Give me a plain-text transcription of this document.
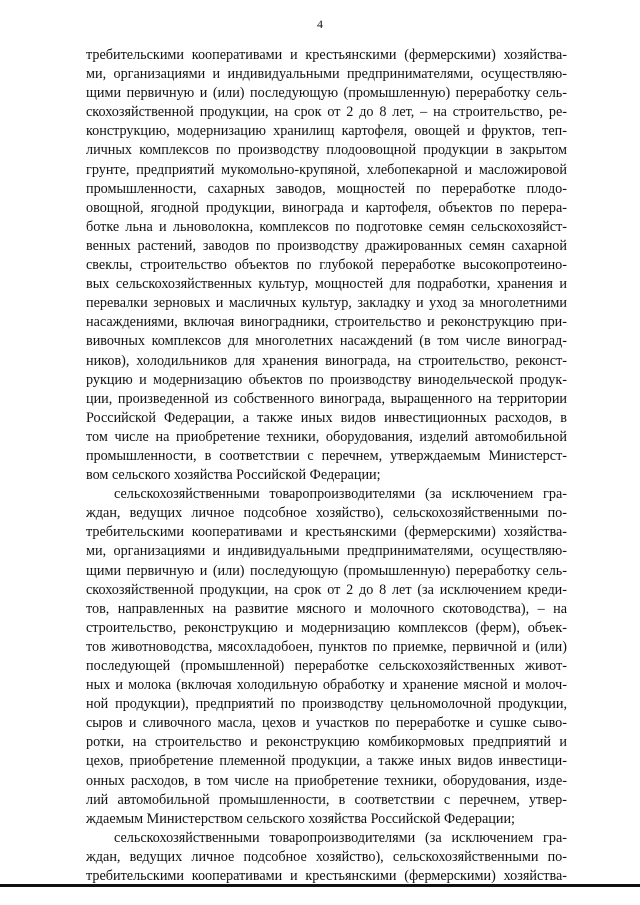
4
требительскими кооперативами и крестьянскими (фермерскими) хозяйства-
ми, организациями и индивидуальными предпринимателями, осуществляю-
щими первичную и (или) последующую (промышленную) переработку сель-
скохозяйственной продукции, на срок от 2 до 8 лет, – на строительство, ре-
конструкцию, модернизацию хранилищ картофеля, овощей и фруктов, теп-
личных комплексов по производству плодоовощной продукции в закрытом
грунте, предприятий мукомольно-крупяной, хлебопекарной и масложировой
промышленности, сахарных заводов, мощностей по переработке плодо-
овощной, ягодной продукции, винограда и картофеля, объектов по перера-
ботке льна и льноволокна, комплексов по подготовке семян сельскохозяйст-
венных растений, заводов по производству дражированных семян сахарной
свеклы, строительство объектов по глубокой переработке высокопротеино-
вых сельскохозяйственных культур, мощностей для подработки, хранения и
перевалки зерновых и масличных культур, закладку и уход за многолетними
насаждениями, включая виноградники, строительство и реконструкцию при-
вивочных комплексов для многолетних насаждений (в том числе виноград-
ников), холодильников для хранения винограда, на строительство, реконст-
рукцию и модернизацию объектов по производству винодельческой продук-
ции, произведенной из собственного винограда, выращенного на территории
Российской Федерации, а также иных видов инвестиционных расходов, в
том числе на приобретение техники, оборудования, изделий автомобильной
промышленности, в соответствии с перечнем, утверждаемым Министерст-
вом сельского хозяйства Российской Федерации;
сельскохозяйственными товаропроизводителями (за исключением гра-
ждан, ведущих личное подсобное хозяйство), сельскохозяйственными по-
требительскими кооперативами и крестьянскими (фермерскими) хозяйства-
ми, организациями и индивидуальными предпринимателями, осуществляю-
щими первичную и (или) последующую (промышленную) переработку сель-
скохозяйственной продукции, на срок от 2 до 8 лет (за исключением креди-
тов, направленных на развитие мясного и молочного скотоводства), – на
строительство, реконструкцию и модернизацию комплексов (ферм), объек-
тов животноводства, мясохладобоен, пунктов по приемке, первичной и (или)
последующей (промышленной) переработке сельскохозяйственных живот-
ных и молока (включая холодильную обработку и хранение мясной и молоч-
ной продукции), предприятий по производству цельномолочной продукции,
сыров и сливочного масла, цехов и участков по переработке и сушке сыво-
ротки, на строительство и реконструкцию комбикормовых предприятий и
цехов, приобретение племенной продукции, а также иных видов инвестици-
онных расходов, в том числе на приобретение техники, оборудования, изде-
лий автомобильной промышленности, в соответствии с перечнем, утвер-
ждаемым Министерством сельского хозяйства Российской Федерации;
сельскохозяйственными товаропроизводителями (за исключением гра-
ждан, ведущих личное подсобное хозяйство), сельскохозяйственными по-
требительскими кооперативами и крестьянскими (фермерскими) хозяйства-
